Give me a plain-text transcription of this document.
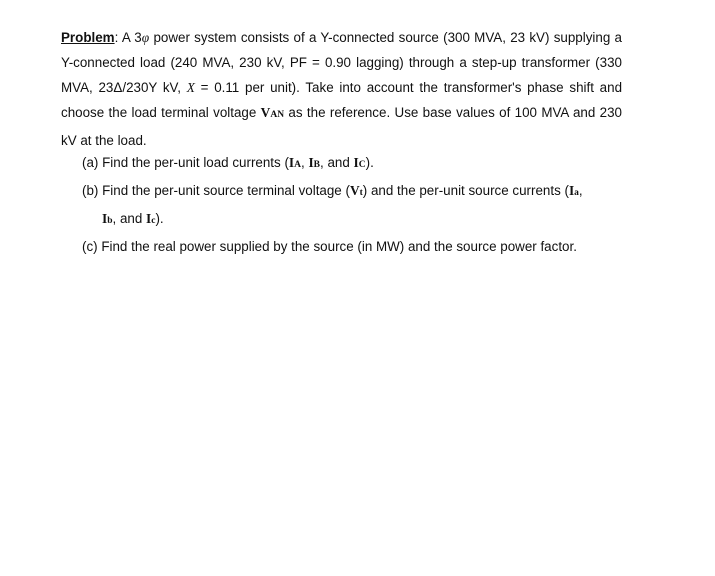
Problem: A 3φ power system consists of a Y-connected source (300 MVA, 23 kV) supplying a Y-connected load (240 MVA, 230 kV, PF = 0.90 lagging) through a step-up transformer (330 MVA, 23Δ/230Y kV, X = 0.11 per unit). Take into account the transformer's phase shift and choose the load terminal voltage VAN as the reference. Use base values of 100 MVA and 230 kV at the load.
(a) Find the per-unit load currents (IA, IB, and IC).
(b) Find the per-unit source terminal voltage (Vt) and the per-unit source currents (Ia,
Ib, and Ic).
(c) Find the real power supplied by the source (in MW) and the source power factor.
